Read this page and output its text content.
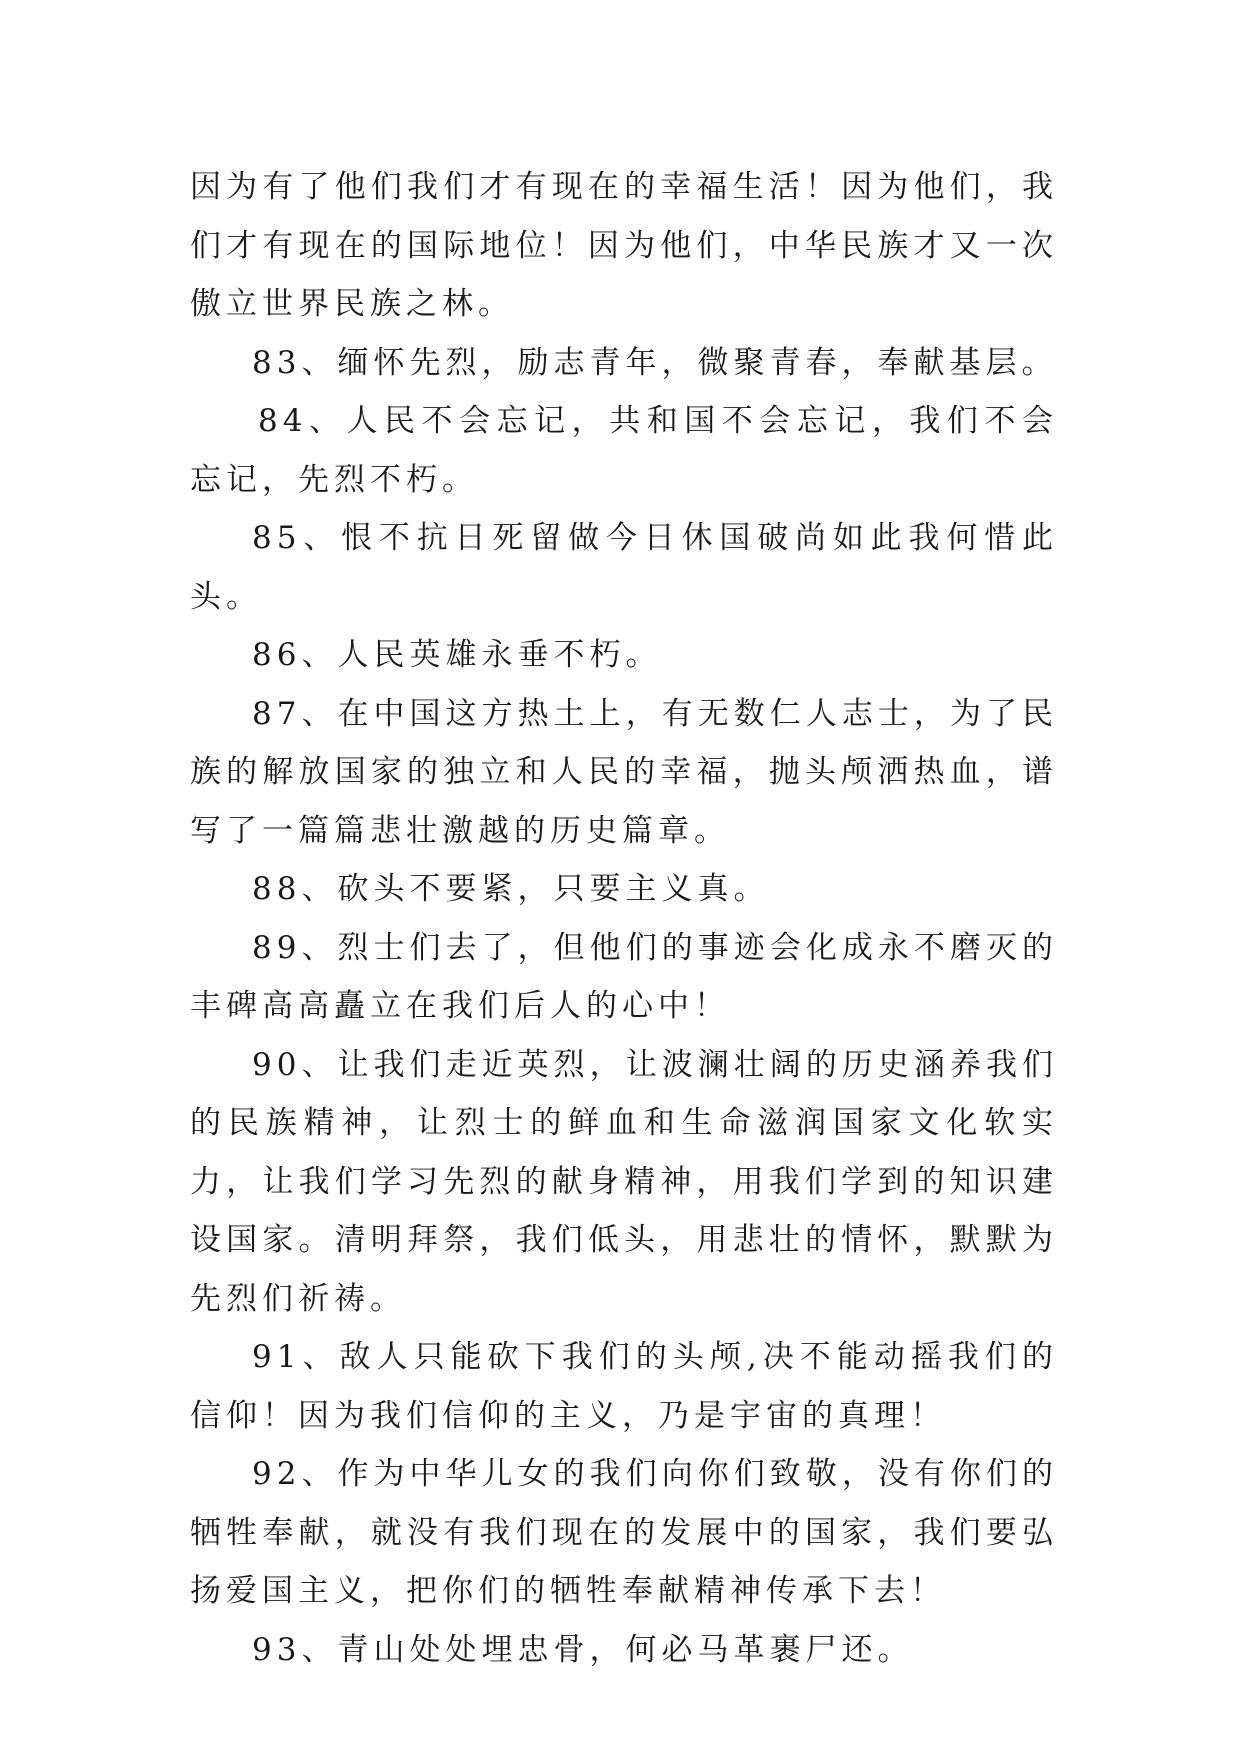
因为有了他们我们才有现在的幸福生活！因为他们，我们才有现在的国际地位！因为他们，中华民族才又一次傲立世界民族之林。

83、缅怀先烈，励志青年，微聚青春，奉献基层。

84、人民不会忘记，共和国不会忘记，我们不会忘记，先烈不朽。

85、恨不抗日死留做今日休国破尚如此我何惜此头。

86、人民英雄永垂不朽。

87、在中国这方热土上，有无数仁人志士，为了民族的解放国家的独立和人民的幸福，抛头颅洒热血，谱写了一篇篇悲壮激越的历史篇章。

88、砍头不要紧，只要主义真。

89、烈士们去了，但他们的事迹会化成永不磨灭的丰碑高高矗立在我们后人的心中！

90、让我们走近英烈，让波澜壮阔的历史涵养我们的民族精神，让烈士的鲜血和生命滋润国家文化软实力，让我们学习先烈的献身精神，用我们学到的知识建设国家。清明拜祭，我们低头，用悲壮的情怀，默默为先烈们祈祷。

91、敌人只能砍下我们的头颅,决不能动摇我们的信仰！因为我们信仰的主义，乃是宇宙的真理！

92、作为中华儿女的我们向你们致敬，没有你们的牺牲奉献，就没有我们现在的发展中的国家，我们要弘扬爱国主义，把你们的牺牲奉献精神传承下去！

93、青山处处埋忠骨，何必马革裹尸还。
